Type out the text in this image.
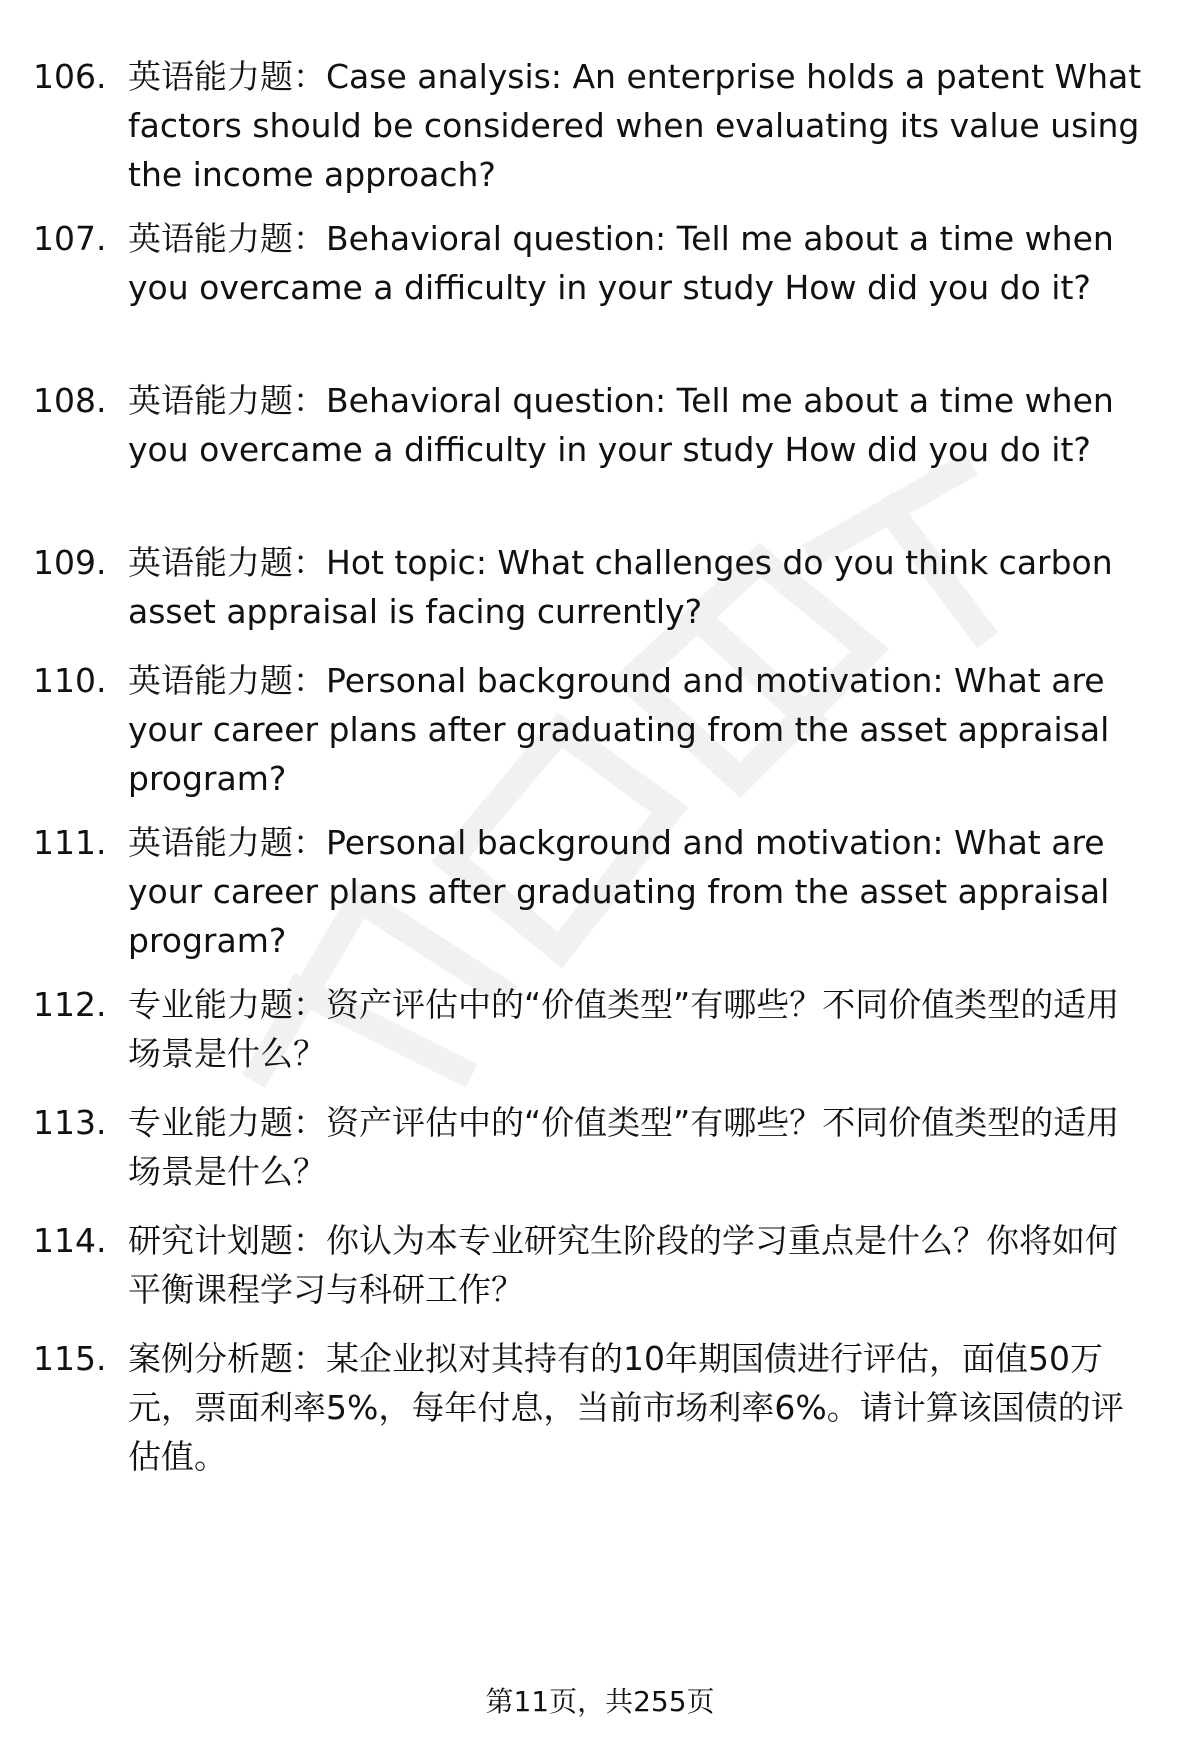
106. 英语能力题：Case analysis: An enterprise holds a patent What factors should be considered when evaluating its value using the income approach?
107. 英语能力题：Behavioral question: Tell me about a time when you overcame a difficulty in your study How did you do it?
108. 英语能力题：Behavioral question: Tell me about a time when you overcame a difficulty in your study How did you do it?
109. 英语能力题：Hot topic: What challenges do you think carbon asset appraisal is facing currently?
110. 英语能力题：Personal background and motivation: What are your career plans after graduating from the asset appraisal program?
111. 英语能力题：Personal background and motivation: What are your career plans after graduating from the asset appraisal program?
112. 专业能力题：资产评估中的“价值类型”有哪些？不同价值类型的适用场景是什么？
113. 专业能力题：资产评估中的“价值类型”有哪些？不同价值类型的适用场景是什么？
114. 研究计划题：你认为本专业研究生阶段的学习重点是什么？你将如何平衡课程学习与科研工作？
115. 案例分析题：某企业拟对其持有的10年期国债进行评估，面值50万元，票面利率5%，每年付息，当前市场利率6%。请计算该国债的评估值。
第11页，共255页
